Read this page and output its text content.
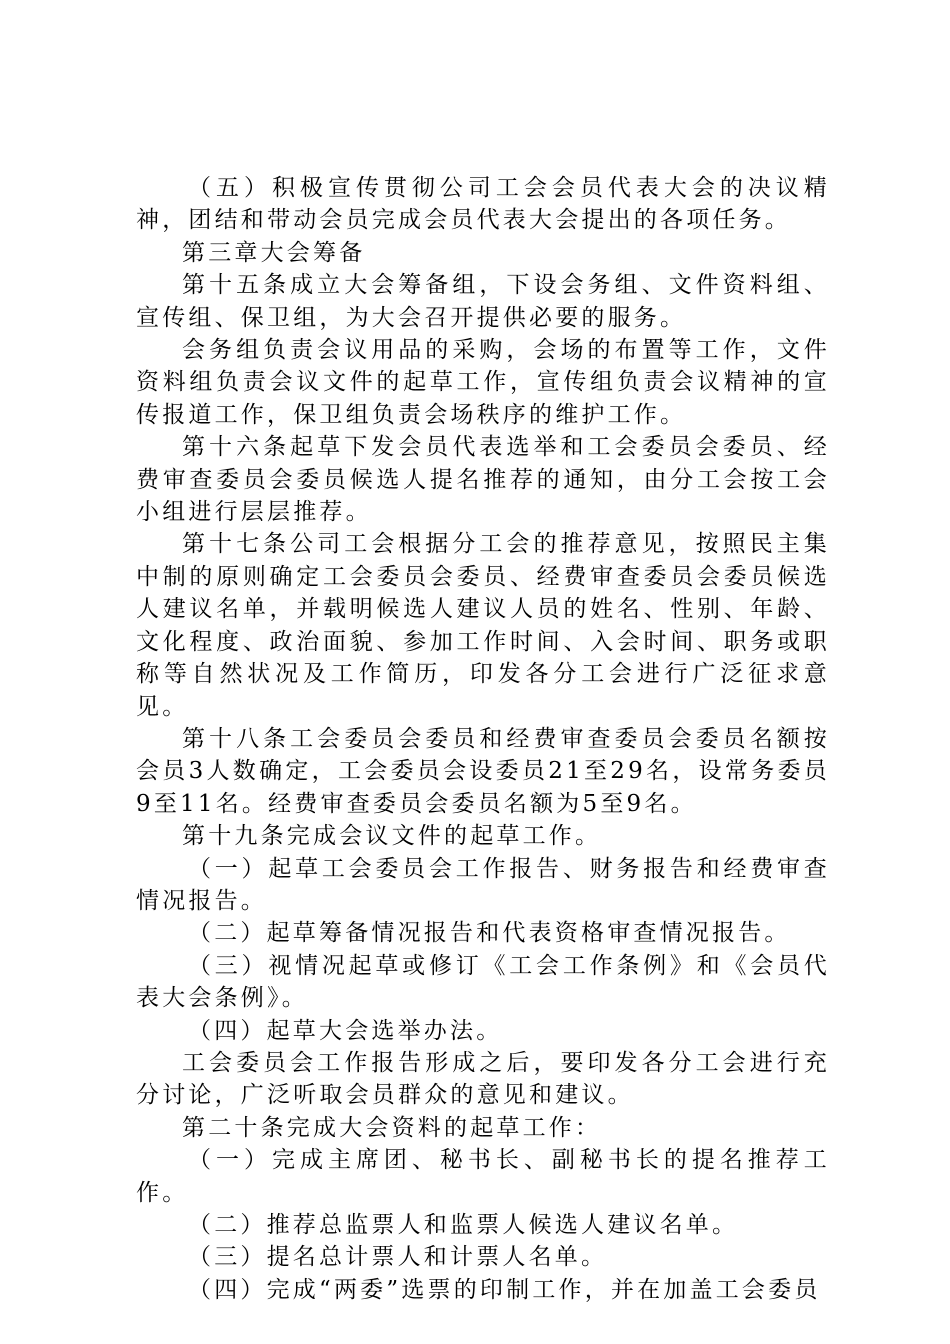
（五）积极宣传贯彻公司工会会员代表大会的决议精神，团结和带动会员完成会员代表大会提出的各项任务。

第三章大会筹备

第十五条成立大会筹备组，下设会务组、文件资料组、宣传组、保卫组，为大会召开提供必要的服务。

会务组负责会议用品的采购，会场的布置等工作，文件资料组负责会议文件的起草工作，宣传组负责会议精神的宣传报道工作，保卫组负责会场秩序的维护工作。

第十六条起草下发会员代表选举和工会委员会委员、经费审查委员会委员候选人提名推荐的通知，由分工会按工会小组进行层层推荐。

第十七条公司工会根据分工会的推荐意见，按照民主集中制的原则确定工会委员会委员、经费审查委员会委员候选人建议名单，并载明候选人建议人员的姓名、性别、年龄、文化程度、政治面貌、参加工作时间、入会时间、职务或职称等自然状况及工作简历，印发各分工会进行广泛征求意见。

第十八条工会委员会委员和经费审查委员会委员名额按会员3人数确定，工会委员会设委员21至29名，设常务委员9至11名。经费审查委员会委员名额为5至9名。

第十九条完成会议文件的起草工作。

（一）起草工会委员会工作报告、财务报告和经费审查情况报告。

（二）起草筹备情况报告和代表资格审查情况报告。

（三）视情况起草或修订《工会工作条例》和《会员代表大会条例》。

（四）起草大会选举办法。

工会委员会工作报告形成之后，要印发各分工会进行充分讨论，广泛听取会员群众的意见和建议。

第二十条完成大会资料的起草工作：

（一）完成主席团、秘书长、副秘书长的提名推荐工作。

（二）推荐总监票人和监票人候选人建议名单。

（三）提名总计票人和计票人名单。

（四）完成“两委”选票的印制工作，并在加盖工会委员
